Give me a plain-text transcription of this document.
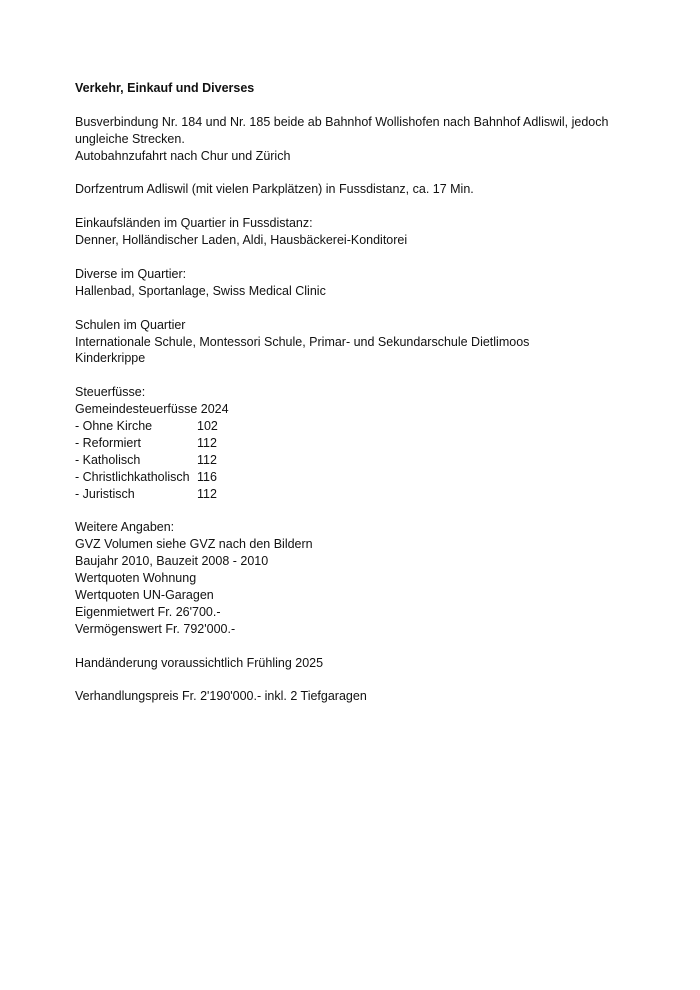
Verkehr, Einkauf und Diverses

Busverbindung Nr. 184 und Nr. 185 beide ab Bahnhof Wollishofen nach Bahnhof Adliswil, jedoch ungleiche Strecken.
Autobahnzufahrt nach Chur und Zürich
Dorfzentrum Adliswil (mit vielen Parkplätzen) in Fussdistanz, ca. 17 Min.
Einkaufsländen im Quartier in Fussdistanz:
Denner, Holländischer Laden, Aldi, Hausbäckerei-Konditorei
Diverse im Quartier:
Hallenbad, Sportanlage, Swiss Medical Clinic
Schulen im Quartier
Internationale Schule, Montessori Schule, Primar- und Sekundarschule Dietlimoos
Kinderkrippe
Steuerfüsse:
Gemeindesteuerfüsse 2024
- Ohne Kirche	102
- Reformiert	112
- Katholisch	112
- Christlichkatholisch 116
- Juristisch	112
Weitere Angaben:
GVZ Volumen siehe GVZ nach den Bildern
Baujahr 2010, Bauzeit 2008 - 2010
Wertquoten Wohnung
Wertquoten UN-Garagen
Eigenmietwert Fr. 26'700.-
Vermögenswert Fr. 792'000.-
Handänderung voraussichtlich Frühling 2025
Verhandlungspreis Fr. 2'190'000.- inkl. 2 Tiefgaragen
